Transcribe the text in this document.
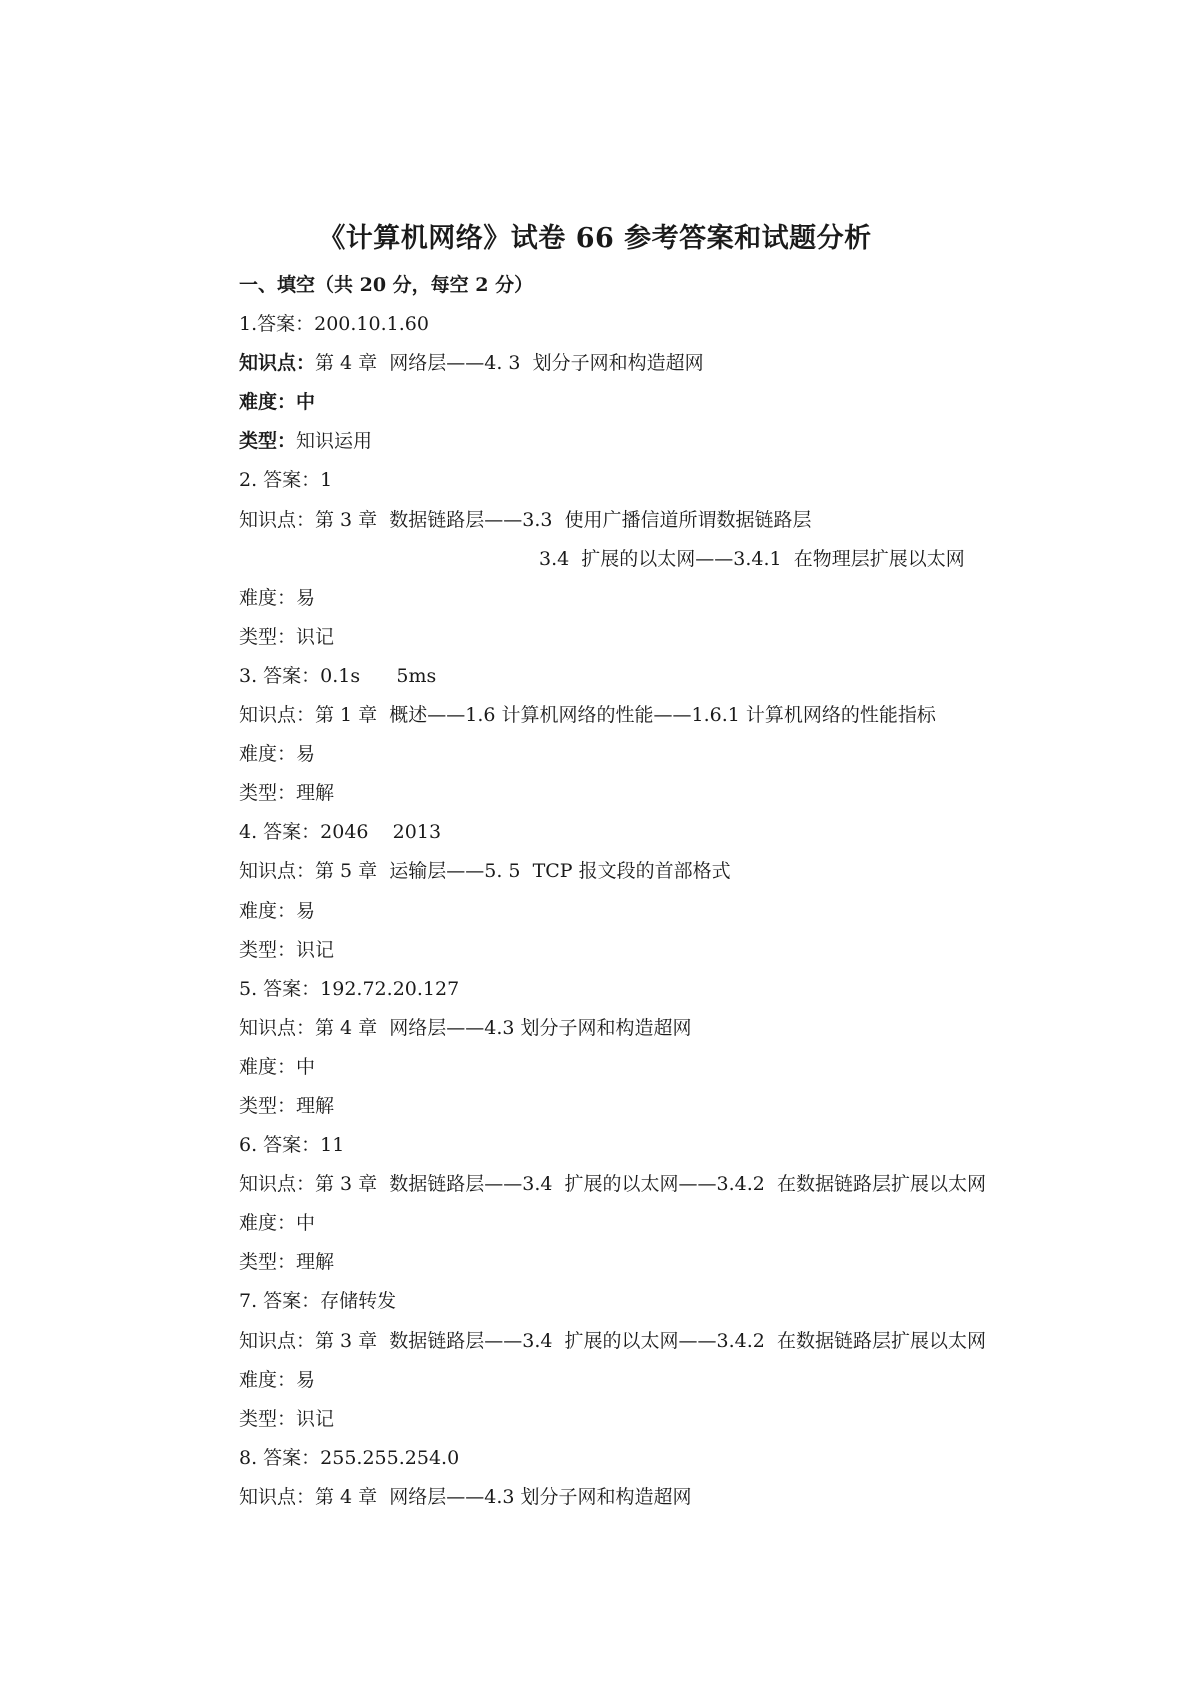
《计算机网络》试卷 66 参考答案和试题分析
一、填空（共 20 分，每空 2 分）
1.答案：200.10.1.60
知识点：第 4 章  网络层——4. 3  划分子网和构造超网
难度：中
类型：知识运用
2. 答案：1
知识点：第 3 章  数据链路层——3.3  使用广播信道所谓数据链路层
3.4  扩展的以太网——3.4.1  在物理层扩展以太网
难度：易
类型：识记
3. 答案：0.1s      5ms
知识点：第 1 章  概述——1.6 计算机网络的性能——1.6.1 计算机网络的性能指标
难度：易
类型：理解
4. 答案：2046    2013
知识点：第 5 章  运输层——5. 5  TCP 报文段的首部格式
难度：易
类型：识记
5. 答案：192.72.20.127
知识点：第 4 章  网络层——4.3 划分子网和构造超网
难度：中
类型：理解
6. 答案：11
知识点：第 3 章  数据链路层——3.4  扩展的以太网——3.4.2  在数据链路层扩展以太网
难度：中
类型：理解
7. 答案：存储转发
知识点：第 3 章  数据链路层——3.4  扩展的以太网——3.4.2  在数据链路层扩展以太网
难度：易
类型：识记
8. 答案：255.255.254.0
知识点：第 4 章  网络层——4.3 划分子网和构造超网
